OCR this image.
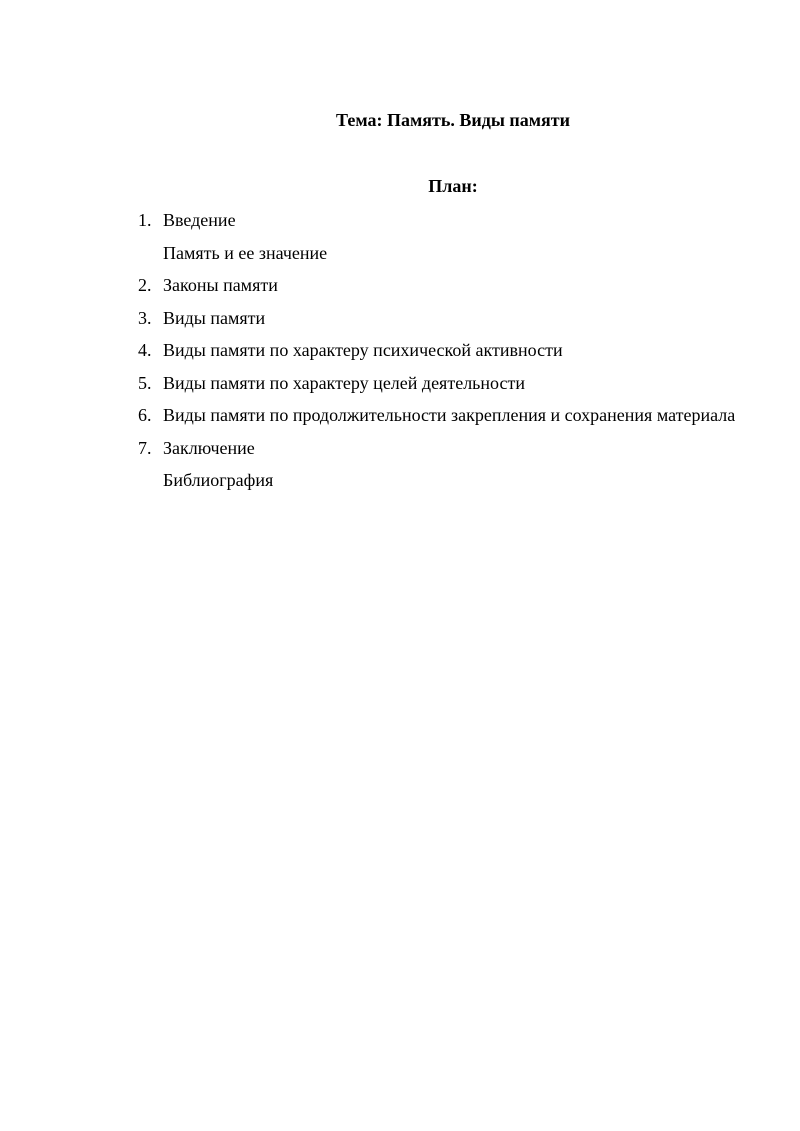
Тема: Память. Виды памяти
План:
1. Введение
Память и ее значение
2. Законы памяти
3. Виды памяти
4. Виды памяти по характеру психической активности
5. Виды памяти по характеру целей деятельности
6. Виды памяти по продолжительности закрепления и сохранения материала
7. Заключение
Библиография
